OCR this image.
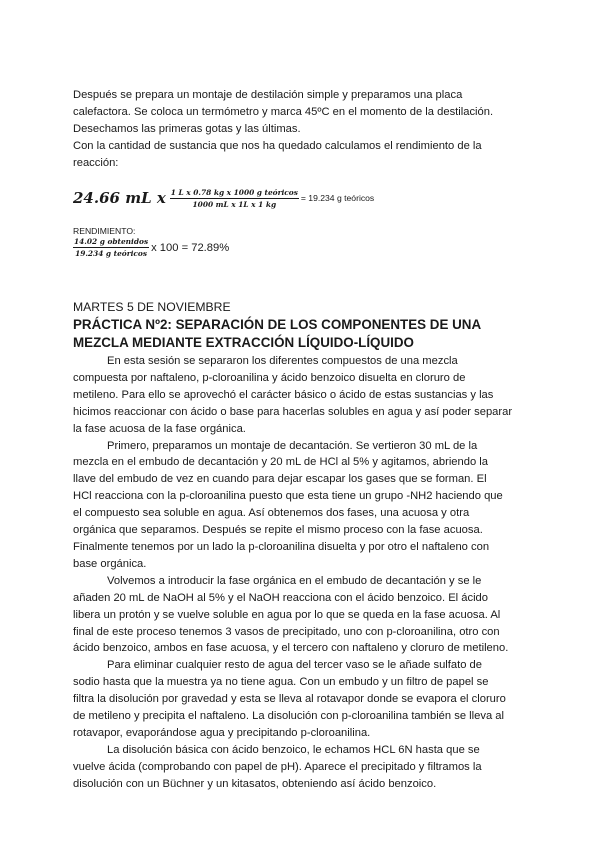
Después se prepara un montaje de destilación simple y preparamos una placa

calefactora. Se coloca un termómetro y marca 45ºC en el momento de la destilación.

Desechamos las primeras gotas y las últimas.

Con la cantidad de sustancia que nos ha quedado calculamos el rendimiento de la

reacción:

24.66 mL x $\frac{\text{1 L x 0.78 kg x 1000 g teóricos}}{\text{1000 mL x 1L x 1 kg}} = 19.234$ g teóricos
RENDIMIENTO:
$\frac{\text{14.02 g obtenidos}}{\text{19.234 g teóricos}}$ x 100 = 72.89%
MARTES 5 DE NOVIEMBRE
PRÁCTICA Nº2: SEPARACIÓN DE LOS COMPONENTES DE UNA
MEZCLA MEDIANTE EXTRACCIÓN LÍQUIDO-LÍQUIDO

En esta sesión se separaron los diferentes compuestos de una mezcla

compuesta por naftaleno, p-cloroanilina y ácido benzoico disuelta en cloruro de

metileno. Para ello se aprovechó el carácter básico o ácido de estas sustancias y las

hicimos reaccionar con ácido o base para hacerlas solubles en agua y así poder separar

la fase acuosa de la fase orgánica.

Primero, preparamos un montaje de decantación. Se vertieron 30 mL de la

mezcla en el embudo de decantación y 20 mL de HCl al 5% y agitamos, abriendo la

llave del embudo de vez en cuando para dejar escapar los gases que se forman. El

HCl reacciona con la p-cloroanilina puesto que esta tiene un grupo -NH2 haciendo que

el compuesto sea soluble en agua. Así obtenemos dos fases, una acuosa y otra

orgánica que separamos. Después se repite el mismo proceso con la fase acuosa.

Finalmente tenemos por un lado la p-cloroanilina disuelta y por otro el naftaleno con

base orgánica.

Volvemos a introducir la fase orgánica en el embudo de decantación y se le

añaden 20 mL de NaOH al 5% y el NaOH reacciona con el ácido benzoico. El ácido

libera un protón y se vuelve soluble en agua por lo que se queda en la fase acuosa. Al

final de este proceso tenemos 3 vasos de precipitado, uno con p-cloroanilina, otro con

ácido benzoico, ambos en fase acuosa, y el tercero con naftaleno y cloruro de metileno.

Para eliminar cualquier resto de agua del tercer vaso se le añade sulfato de

sodio hasta que la muestra ya no tiene agua. Con un embudo y un filtro de papel se

filtra la disolución por gravedad y esta se lleva al rotavapor donde se evapora el cloruro

de metileno y precipita el naftaleno. La disolución con p-cloroanilina también se lleva al

rotavapor, evaporándose agua y precipitando p-cloroanilina.

La disolución básica con ácido benzoico, le echamos HCL 6N hasta que se

vuelve ácida (comprobando con papel de pH). Aparece el precipitado y filtramos la

disolución con un Büchner y un kitasatos, obteniendo así ácido benzoico.
